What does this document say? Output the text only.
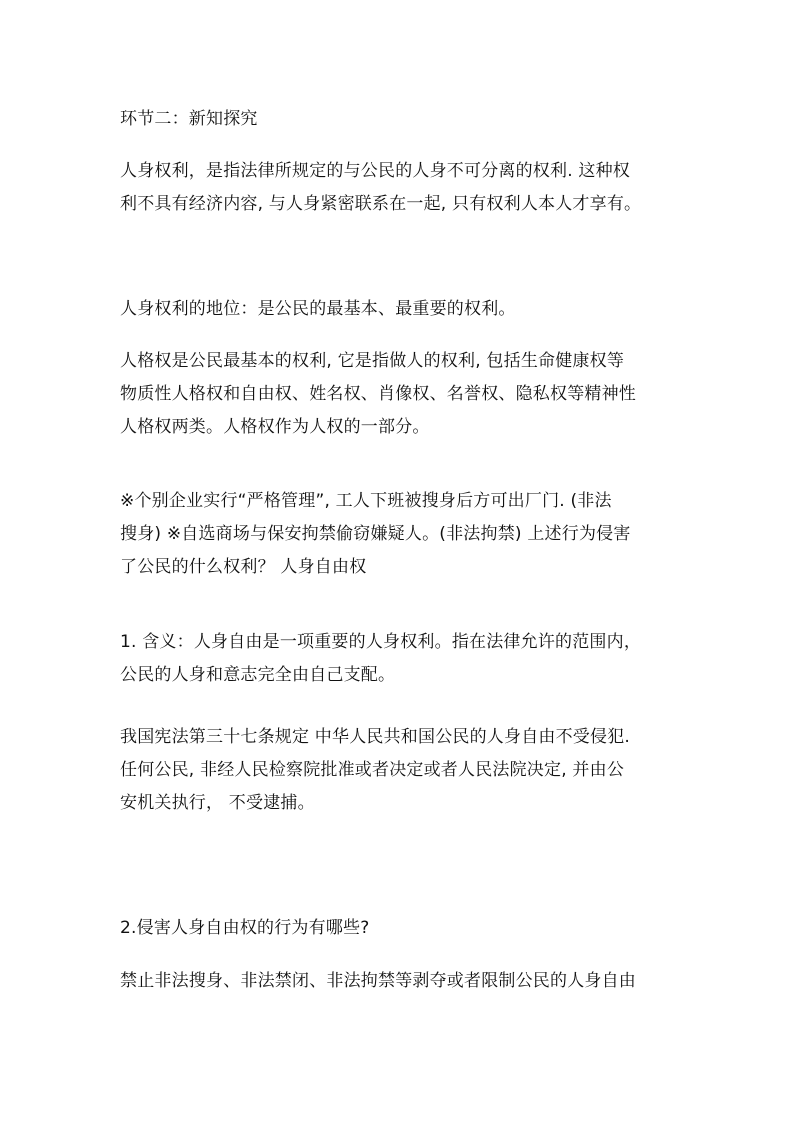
环节二：新知探究
人身权利，是指法律所规定的与公民的人身不可分离的权利. 这种权
利不具有经济内容, 与人身紧密联系在一起, 只有权利人本人才享有。
人身权利的地位：是公民的最基本、最重要的权利。
人格权是公民最基本的权利, 它是指做人的权利, 包括生命健康权等
物质性人格权和自由权、姓名权、肖像权、名誉权、隐私权等精神性
人格权两类。人格权作为人权的一部分。
※个别企业实行“严格管理”, 工人下班被搜身后方可出厂门. (非法
搜身) ※自选商场与保安拘禁偷窃嫌疑人。(非法拘禁) 上述行为侵害
了公民的什么权利？ 人身自由权
1. 含义：人身自由是一项重要的人身权利。指在法律允许的范围内，
公民的人身和意志完全由自己支配。
我国宪法第三十七条规定 中华人民共和国公民的人身自由不受侵犯.
任何公民, 非经人民检察院批准或者决定或者人民法院决定, 并由公
安机关执行， 不受逮捕。
2.侵害人身自由权的行为有哪些?
禁止非法搜身、非法禁闭、非法拘禁等剥夺或者限制公民的人身自由
